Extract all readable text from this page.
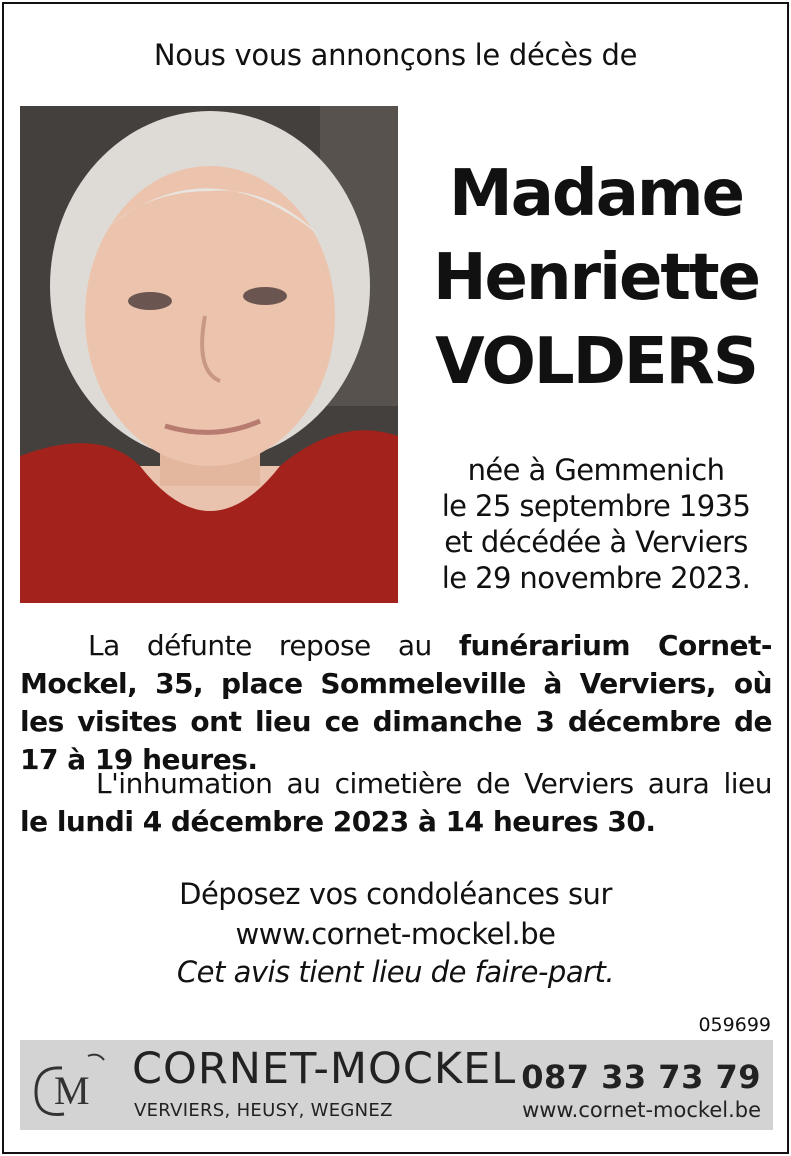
Nous vous annonçons le décès de
Madame
Henriette
VOLDERS
née à Gemmenich
le 25 septembre 1935
et décédée à Verviers
le 29 novembre 2023.

La défunte repose au funérarium Cornet-Mockel, 35, place Sommeleville à Verviers, où les visites ont lieu ce dimanche 3 décembre de 17 à 19 heures.

L'inhumation au cimetière de Verviers aura lieu le lundi 4 décembre 2023 à 14 heures 30.

Déposez vos condoléances sur
www.cornet-mockel.be
Cet avis tient lieu de faire-part.
059699
M CORNET-MOCKEL
VERVIERS, HEUSY, WEGNEZ
087 33 73 79
www.cornet-mockel.be
